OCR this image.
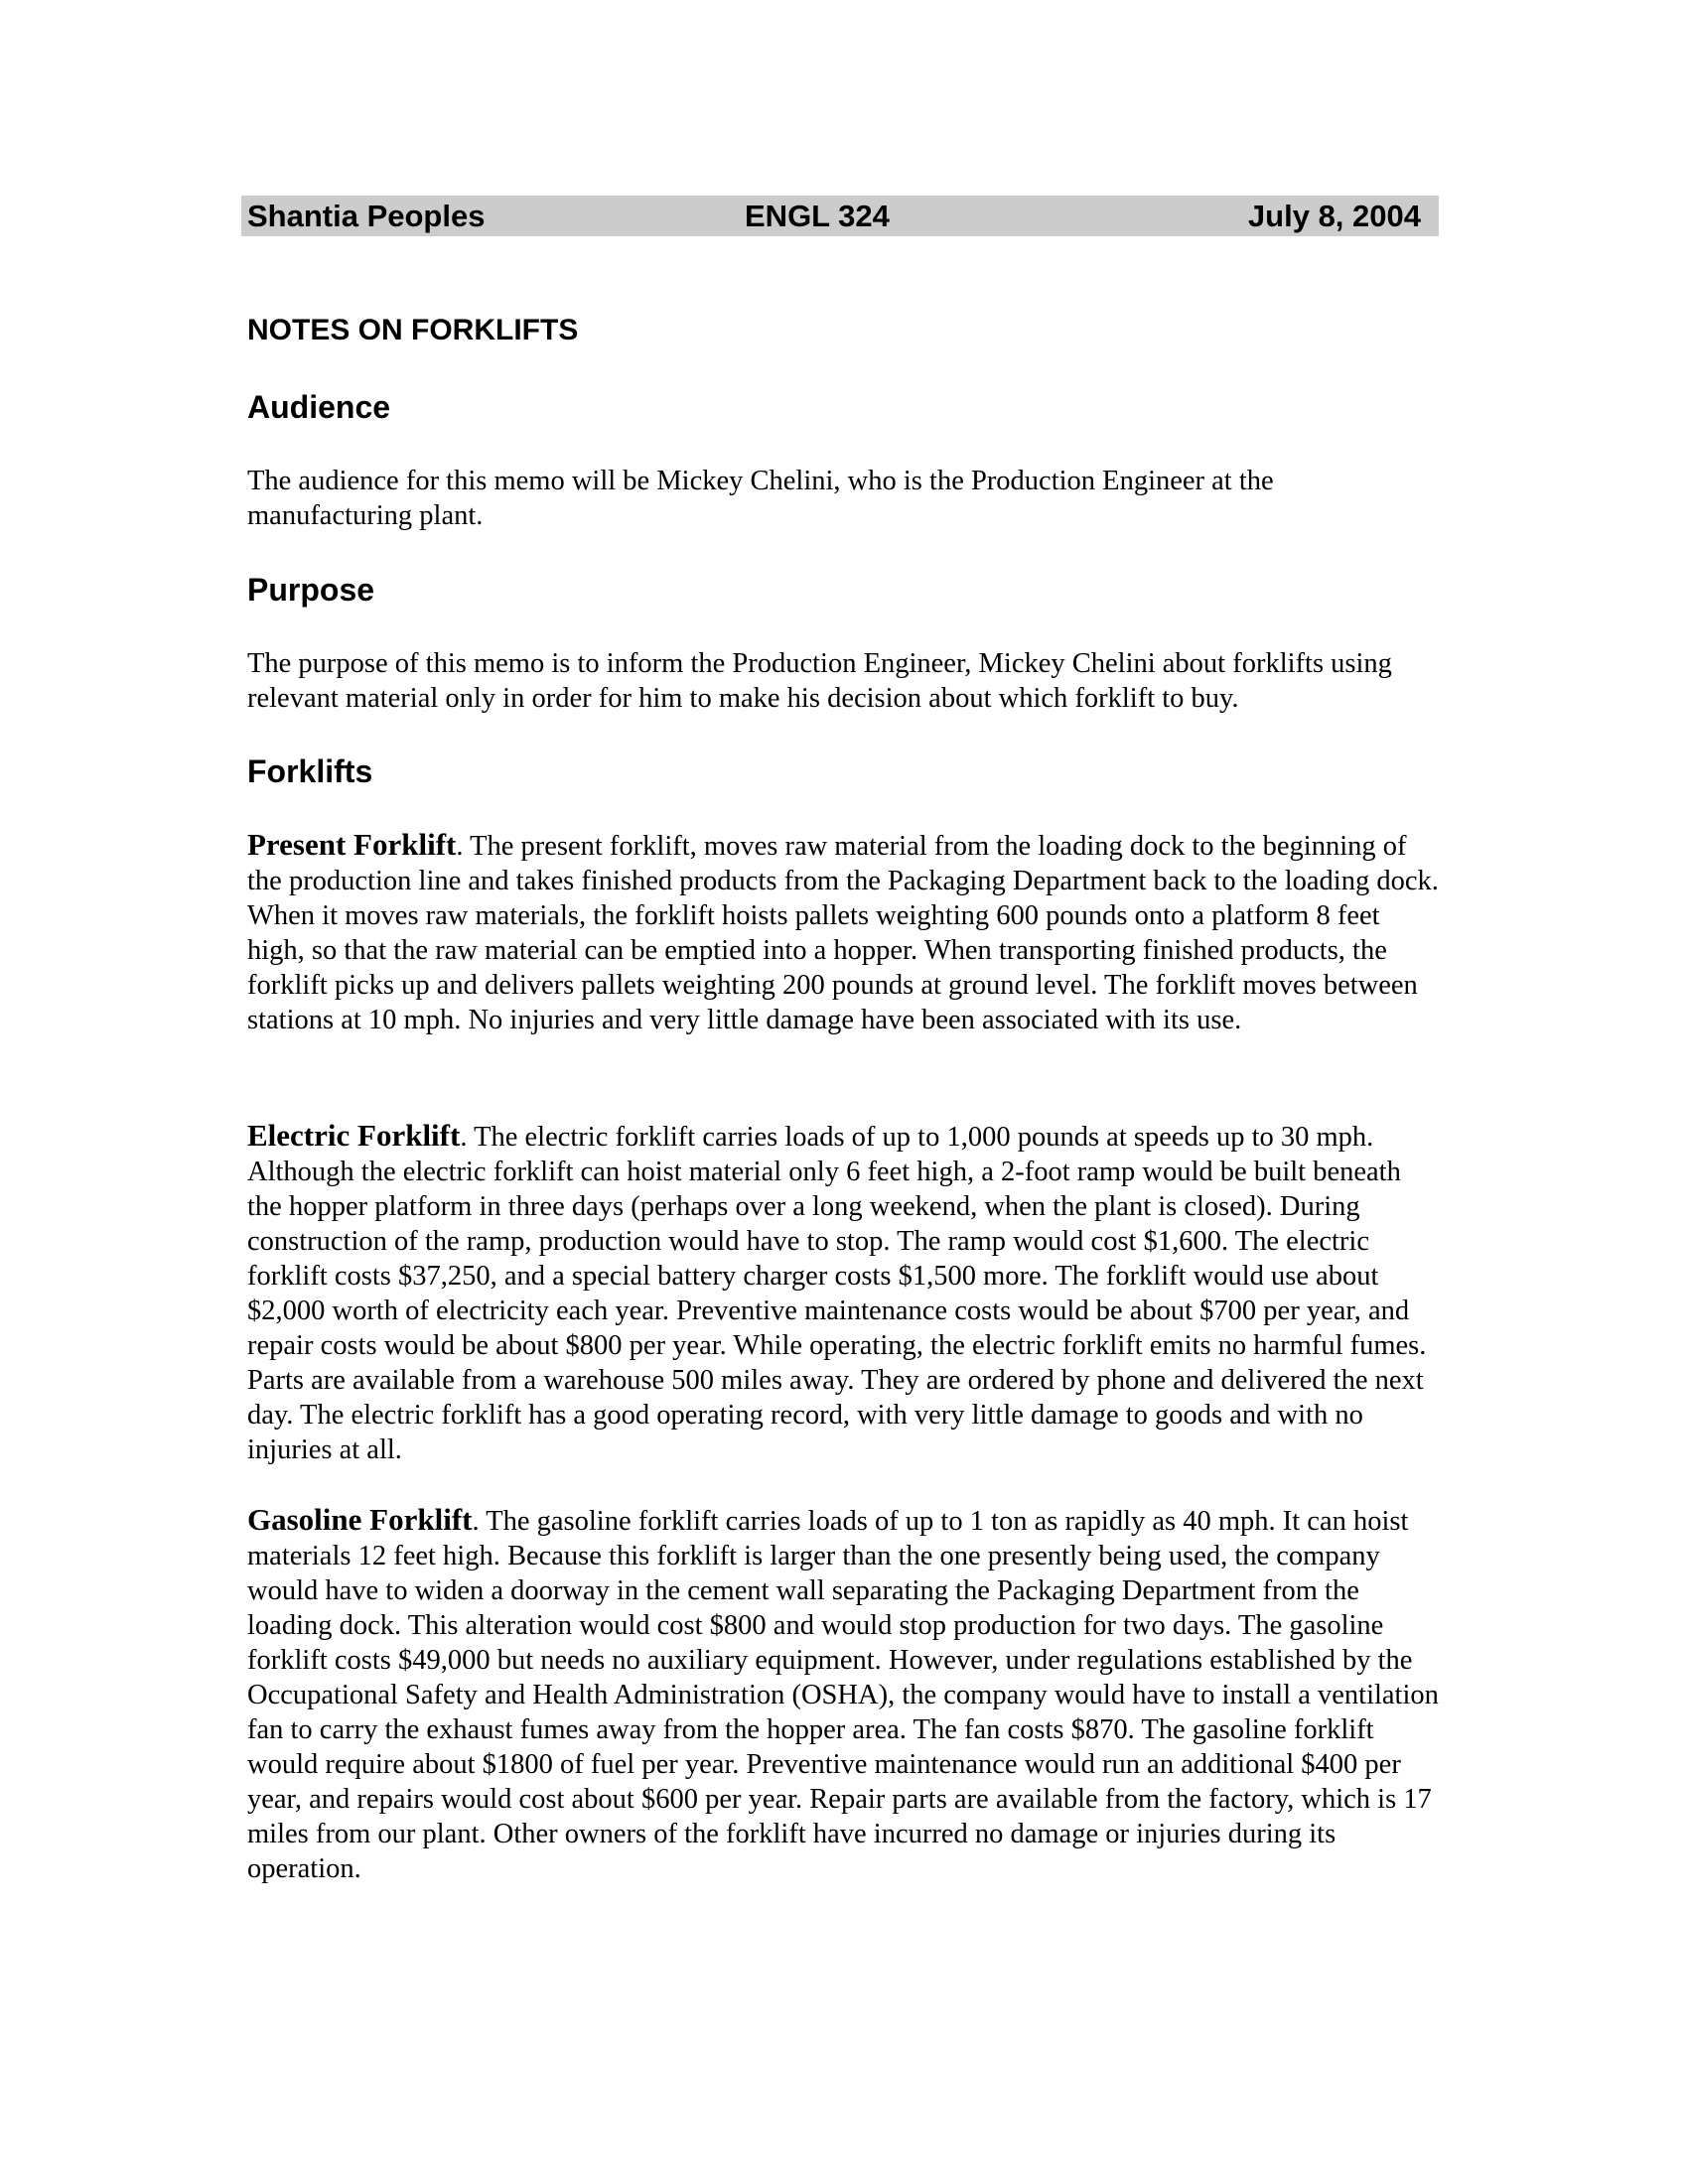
Shantia Peoples	ENGL 324	July 8, 2004
NOTES ON FORKLIFTS
Audience

The audience for this memo will be Mickey Chelini, who is the Production Engineer at the manufacturing plant.

Purpose

The purpose of this memo is to inform the Production Engineer, Mickey Chelini about forklifts using relevant material only in order for him to make his decision about which forklift to buy.

Forklifts

Present Forklift. The present forklift, moves raw material from the loading dock to the beginning of the production line and takes finished products from the Packaging Department back to the loading dock. When it moves raw materials, the forklift hoists pallets weighting 600 pounds onto a platform 8 feet high, so that the raw material can be emptied into a hopper. When transporting finished products, the forklift picks up and delivers pallets weighting 200 pounds at ground level. The forklift moves between stations at 10 mph. No injuries and very little damage have been associated with its use.

Electric Forklift. The electric forklift carries loads of up to 1,000 pounds at speeds up to 30 mph. Although the electric forklift can hoist material only 6 feet high, a 2-foot ramp would be built beneath the hopper platform in three days (perhaps over a long weekend, when the plant is closed). During construction of the ramp, production would have to stop. The ramp would cost $1,600. The electric forklift costs $37,250, and a special battery charger costs $1,500 more. The forklift would use about $2,000 worth of electricity each year. Preventive maintenance costs would be about $700 per year, and repair costs would be about $800 per year. While operating, the electric forklift emits no harmful fumes. Parts are available from a warehouse 500 miles away. They are ordered by phone and delivered the next day. The electric forklift has a good operating record, with very little damage to goods and with no injuries at all.

Gasoline Forklift. The gasoline forklift carries loads of up to 1 ton as rapidly as 40 mph. It can hoist materials 12 feet high. Because this forklift is larger than the one presently being used, the company would have to widen a doorway in the cement wall separating the Packaging Department from the loading dock. This alteration would cost $800 and would stop production for two days. The gasoline forklift costs $49,000 but needs no auxiliary equipment. However, under regulations established by the Occupational Safety and Health Administration (OSHA), the company would have to install a ventilation fan to carry the exhaust fumes away from the hopper area. The fan costs $870. The gasoline forklift would require about $1800 of fuel per year. Preventive maintenance would run an additional $400 per year, and repairs would cost about $600 per year. Repair parts are available from the factory, which is 17 miles from our plant. Other owners of the forklift have incurred no damage or injuries during its operation.
